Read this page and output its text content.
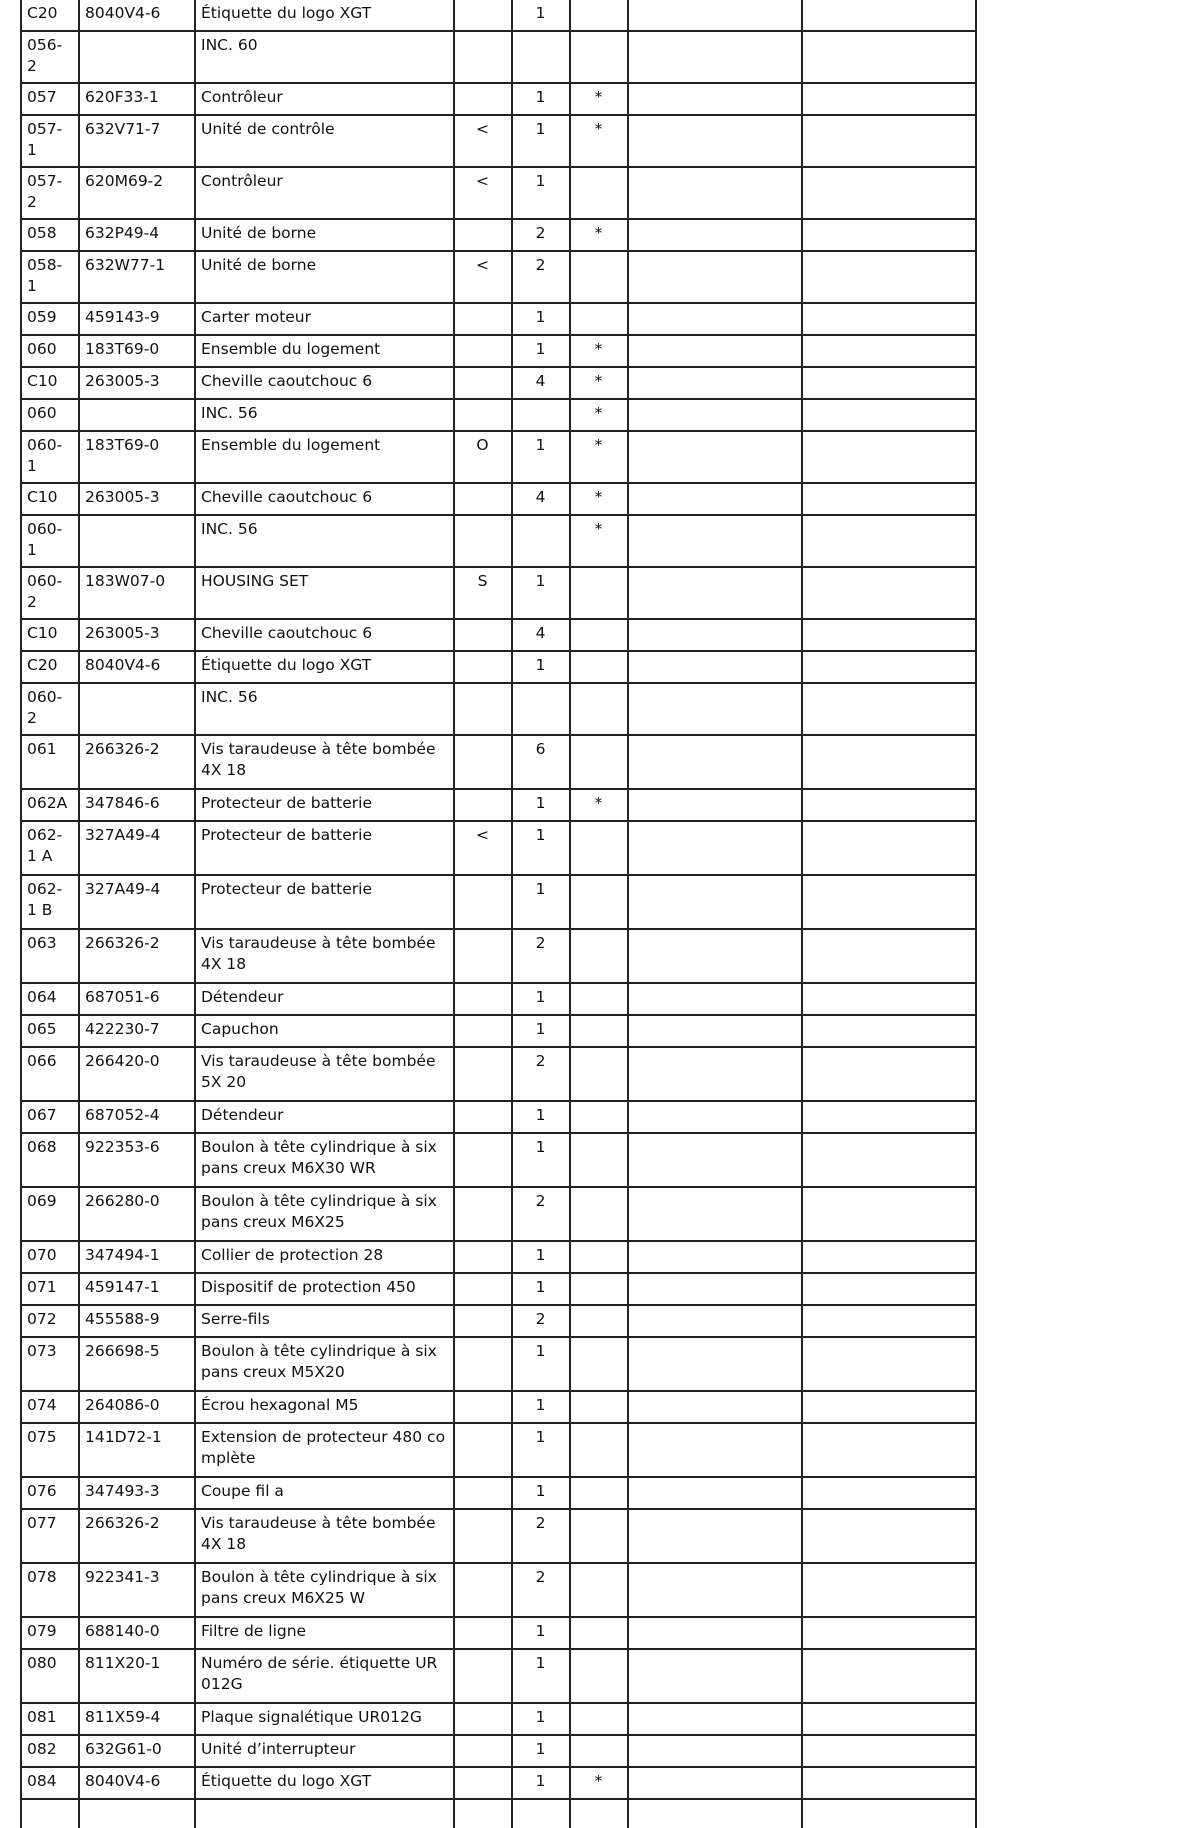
C20	8040V4-6	Étiquette du logo XGT		1			
056-2		INC. 60					
057	620F33-1	Contrôleur		1	*		
057-1	632V71-7	Unité de contrôle	<	1	*		
057-2	620M69-2	Contrôleur	<	1			
058	632P49-4	Unité de borne		2	*		
058-1	632W77-1	Unité de borne	<	2			
059	459143-9	Carter moteur		1			
060	183T69-0	Ensemble du logement		1	*		
C10	263005-3	Cheville caoutchouc 6		4	*		
060		INC. 56			*		
060-1	183T69-0	Ensemble du logement	O	1	*		
C10	263005-3	Cheville caoutchouc 6		4	*		
060-1		INC. 56			*		
060-2	183W07-0	HOUSING SET	S	1			
C10	263005-3	Cheville caoutchouc 6		4			
C20	8040V4-6	Étiquette du logo XGT		1			
060-2		INC. 56					
061	266326-2	Vis taraudeuse à tête bombée 4X 18		6			
062A	347846-6	Protecteur de batterie		1	*		
062-1 A	327A49-4	Protecteur de batterie	<	1			
062-1 B	327A49-4	Protecteur de batterie		1			
063	266326-2	Vis taraudeuse à tête bombée 4X 18		2			
064	687051-6	Détendeur		1			
065	422230-7	Capuchon		1			
066	266420-0	Vis taraudeuse à tête bombée 5X 20		2			
067	687052-4	Détendeur		1			
068	922353-6	Boulon à tête cylindrique à six pans creux M6X30 WR		1			
069	266280-0	Boulon à tête cylindrique à six pans creux M6X25		2			
070	347494-1	Collier de protection 28		1			
071	459147-1	Dispositif de protection 450		1			
072	455588-9	Serre-fils		2			
073	266698-5	Boulon à tête cylindrique à six pans creux M5X20		1			
074	264086-0	Écrou hexagonal M5		1			
075	141D72-1	Extension de protecteur 480 complète		1			
076	347493-3	Coupe fil a		1			
077	266326-2	Vis taraudeuse à tête bombée 4X 18		2			
078	922341-3	Boulon à tête cylindrique à six pans creux M6X25 W		2			
079	688140-0	Filtre de ligne		1			
080	811X20-1	Numéro de série. étiquette UR012G		1			
081	811X59-4	Plaque signalétique UR012G		1			
082	632G61-0	Unité d’interrupteur		1			
084	8040V4-6	Étiquette du logo XGT		1	*		
